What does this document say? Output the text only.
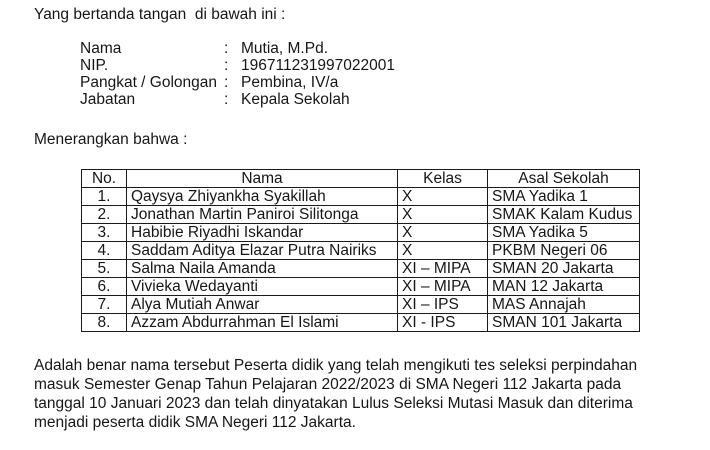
Yang bertanda tangan  di bawah ini :
Nama	: Mutia, M.Pd.
NIP.	: 196711231997022001
Pangkat / Golongan : Pembina, IV/a
Jabatan	: Kepala Sekolah
Menerangkan bahwa :
No.	Nama	Kelas	Asal Sekolah
1.	Qaysya Zhiyankha Syakillah	X	SMA Yadika 1
2.	Jonathan Martin Paniroi Silitonga	X	SMAK Kalam Kudus
3.	Habibie Riyadhi Iskandar	X	SMA Yadika 5
4.	Saddam Aditya Elazar Putra Nairiks	X	PKBM Negeri 06
5.	Salma Naila Amanda	XI – MIPA	SMAN 20 Jakarta
6.	Vivieka Wedayanti	XI – MIPA	MAN 12 Jakarta
7.	Alya Mutiah Anwar	XI – IPS	MAS Annajah
8.	Azzam Abdurrahman El Islami	XI - IPS	SMAN 101 Jakarta
Adalah benar nama tersebut Peserta didik yang telah mengikuti tes seleksi perpindahan
masuk Semester Genap Tahun Pelajaran 2022/2023 di SMA Negeri 112 Jakarta pada
tanggal 10 Januari 2023 dan telah dinyatakan Lulus Seleksi Mutasi Masuk dan diterima
menjadi peserta didik SMA Negeri 112 Jakarta.
